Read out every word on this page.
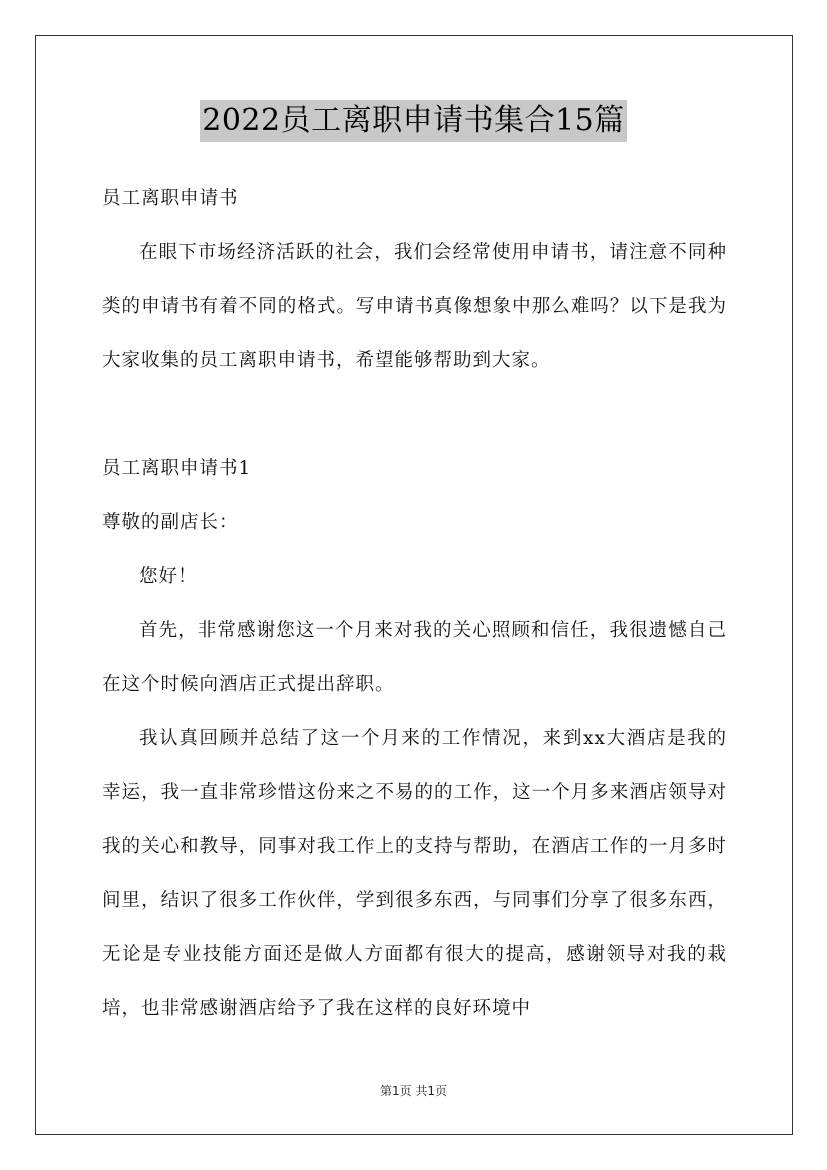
2022员工离职申请书集合15篇

员工离职申请书

在眼下市场经济活跃的社会，我们会经常使用申请书，请注意不同种类的申请书有着不同的格式。写申请书真像想象中那么难吗？以下是我为大家收集的员工离职申请书，希望能够帮助到大家。

员工离职申请书1

尊敬的副店长：

您好！

首先，非常感谢您这一个月来对我的关心照顾和信任，我很遗憾自己在这个时候向酒店正式提出辞职。

我认真回顾并总结了这一个月来的工作情况，来到xx大酒店是我的幸运，我一直非常珍惜这份来之不易的的工作，这一个月多来酒店领导对我的关心和教导，同事对我工作上的支持与帮助，在酒店工作的一月多时间里，结识了很多工作伙伴，学到很多东西，与同事们分享了很多东西，无论是专业技能方面还是做人方面都有很大的提高，感谢领导对我的栽培，也非常感谢酒店给予了我在这样的良好环境中

第1页 共1页
